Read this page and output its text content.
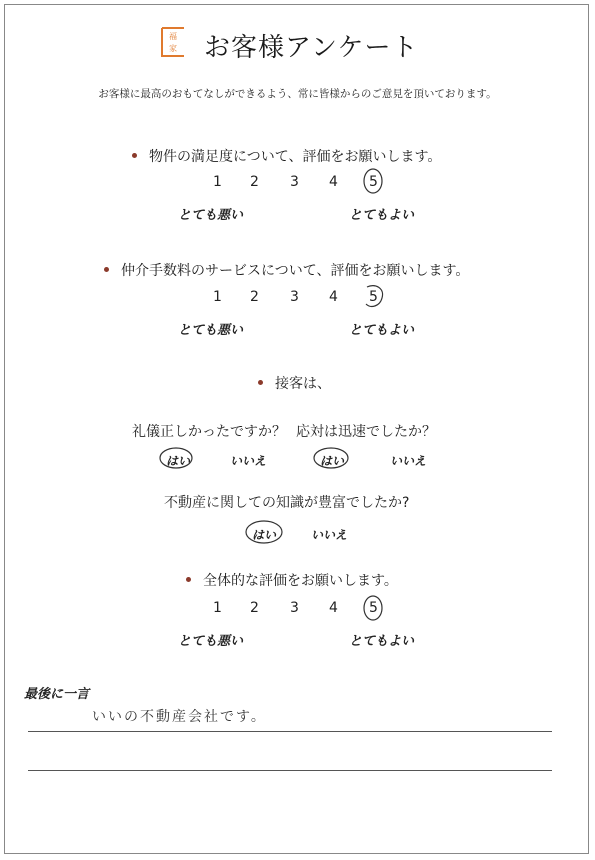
福
家 お客様アンケート
お客様に最高のおもてなしができるよう、常に皆様からのご意見を頂いております。
物件の満足度について、評価をお願いします。
1 2 3 4 5
とても悪い	とてもよい
仲介手数料のサービスについて、評価をお願いします。
1 2 3 4 5
とても悪い	とてもよい
接客は、
礼儀正しかったですか？ 応対は迅速でしたか？
はい	いいえ	はい	いいえ
不動産に関しての知識が豊富でしたか?
はい	いいえ
全体的な評価をお願いします。
1 2 3 4 5
とても悪い	とてもよい
最後に一言
いいの不動産会社です。
